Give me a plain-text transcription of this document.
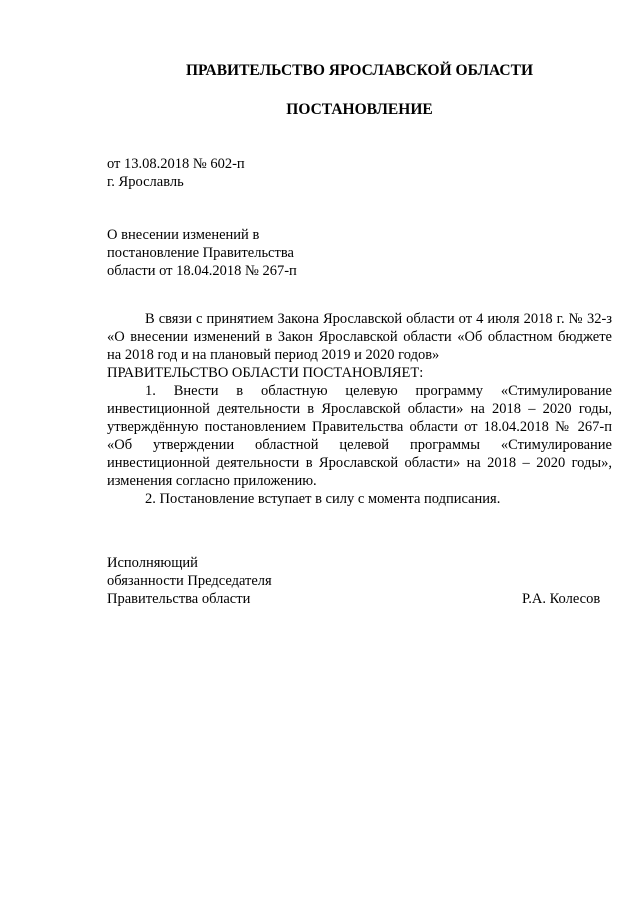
ПРАВИТЕЛЬСТВО ЯРОСЛАВСКОЙ ОБЛАСТИ
ПОСТАНОВЛЕНИЕ
от 13.08.2018 № 602-п
г. Ярославль
О внесении изменений в
постановление Правительства
области от 18.04.2018 № 267-п

В связи с принятием Закона Ярославской области от 4 июля 2018 г. № 32-з «О внесении изменений в Закон Ярославской области «Об областном бюджете на 2018 год и на плановый период 2019 и 2020 годов»

ПРАВИТЕЛЬСТВО ОБЛАСТИ ПОСТАНОВЛЯЕТ:

1. Внести в областную целевую программу «Стимулирование инвестиционной деятельности в Ярославской области» на 2018 – 2020 годы, утверждённую постановлением Правительства области от 18.04.2018 № 267-п «Об утверждении областной целевой программы «Стимулирование инвестиционной деятельности в Ярославской области» на 2018 – 2020 годы», изменения согласно приложению.

2. Постановление вступает в силу с момента подписания.

Исполняющий
обязанности Председателя
Правительства области	Р.А. Колесов
